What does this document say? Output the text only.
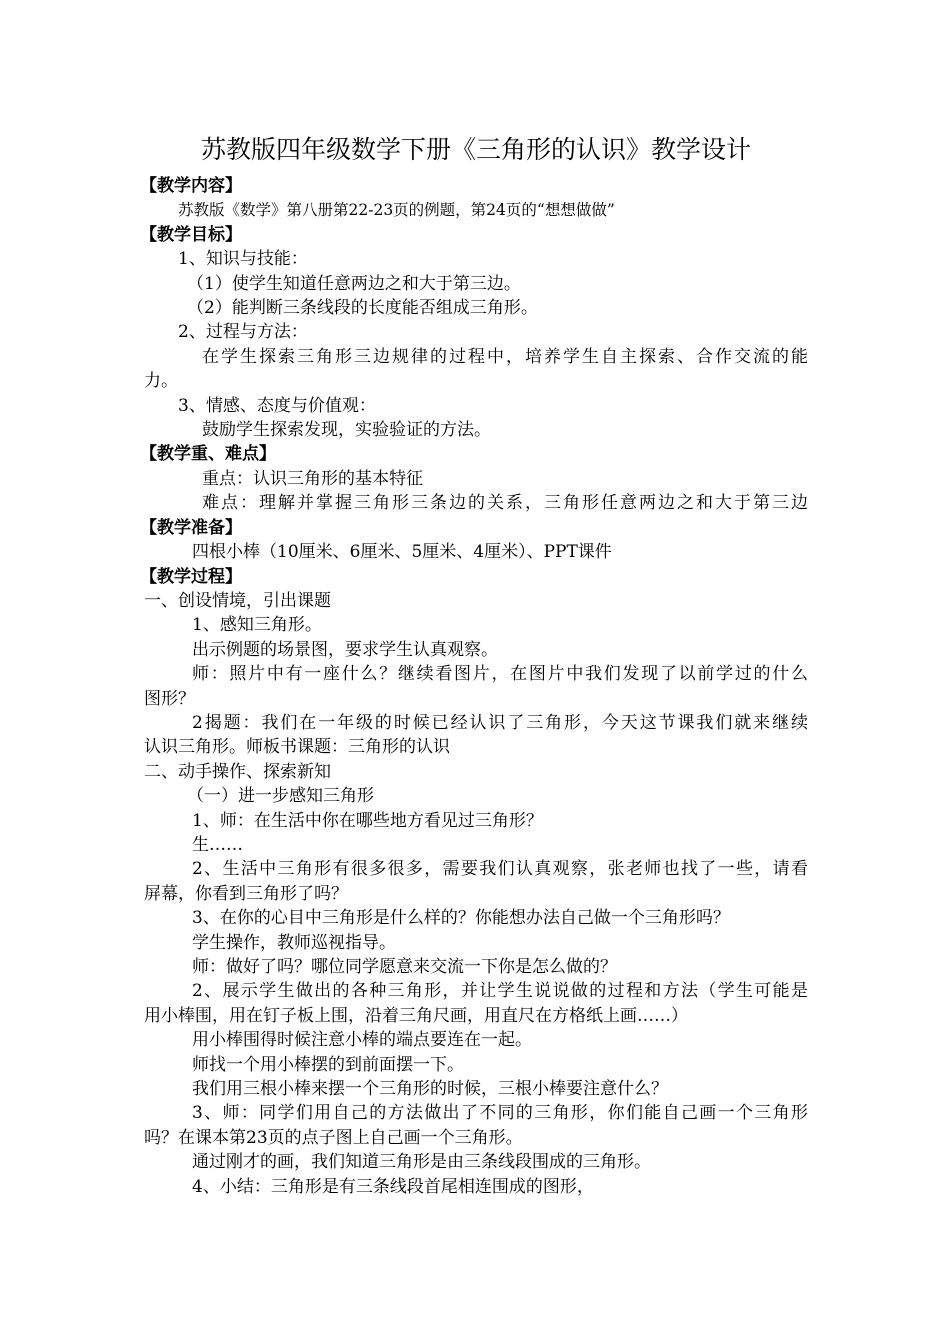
苏教版四年级数学下册《三角形的认识》教学设计
【教学内容】
苏教版《数学》第八册第22-23页的例题，第24页的“想想做做”
【教学目标】
1、知识与技能：
（1）使学生知道任意两边之和大于第三边。
（2）能判断三条线段的长度能否组成三角形。
2、过程与方法：
在学生探索三角形三边规律的过程中，培养学生自主探索、合作交流的能
力。
3、情感、态度与价值观：
鼓励学生探索发现，实验验证的方法。
【教学重、难点】
重点：认识三角形的基本特征
难点：理解并掌握三角形三条边的关系，三角形任意两边之和大于第三边
【教学准备】
四根小棒（10厘米、6厘米、5厘米、4厘米）、PPT课件
【教学过程】
一、创设情境，引出课题
1、感知三角形。
出示例题的场景图，要求学生认真观察。
师：照片中有一座什么？继续看图片，在图片中我们发现了以前学过的什么
图形？
2揭题：我们在一年级的时候已经认识了三角形，今天这节课我们就来继续
认识三角形。师板书课题：三角形的认识
二、动手操作、探索新知
（一）进一步感知三角形
1、师：在生活中你在哪些地方看见过三角形？
生……
2、生活中三角形有很多很多，需要我们认真观察，张老师也找了一些，请看
屏幕，你看到三角形了吗？
3、在你的心目中三角形是什么样的？你能想办法自己做一个三角形吗？
学生操作，教师巡视指导。
师：做好了吗？哪位同学愿意来交流一下你是怎么做的？
2、展示学生做出的各种三角形，并让学生说说做的过程和方法（学生可能是
用小棒围，用在钉子板上围，沿着三角尺画，用直尺在方格纸上画……）
用小棒围得时候注意小棒的端点要连在一起。
师找一个用小棒摆的到前面摆一下。
我们用三根小棒来摆一个三角形的时候，三根小棒要注意什么？
3、师：同学们用自己的方法做出了不同的三角形，你们能自己画一个三角形
吗？在课本第23页的点子图上自己画一个三角形。
通过刚才的画，我们知道三角形是由三条线段围成的三角形。
4、小结：三角形是有三条线段首尾相连围成的图形，
